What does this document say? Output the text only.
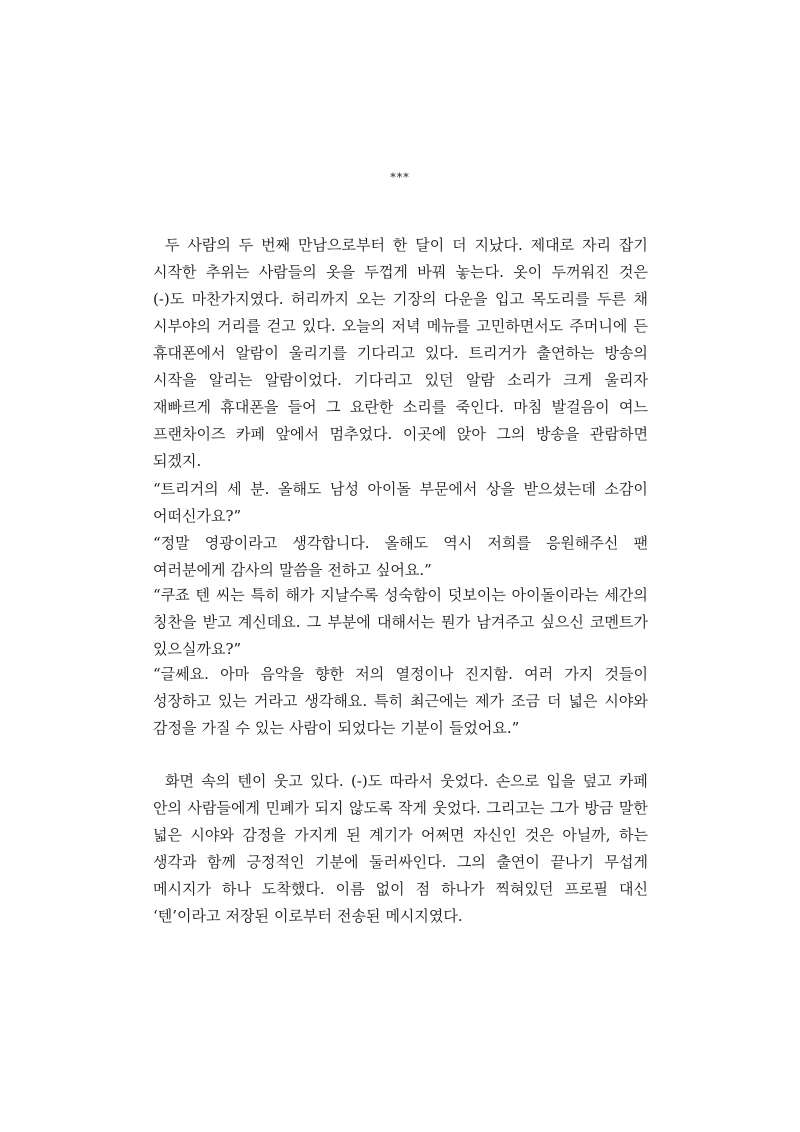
***
두 사람의 두 번째 만남으로부터 한 달이 더 지났다. 제대로 자리 잡기
시작한 추위는 사람들의 옷을 두껍게 바꿔 놓는다. 옷이 두꺼워진 것은
(-)도 마찬가지였다. 허리까지 오는 기장의 다운을 입고 목도리를 두른 채
시부야의 거리를 걷고 있다. 오늘의 저녁 메뉴를 고민하면서도 주머니에 든
휴대폰에서 알람이 울리기를 기다리고 있다. 트리거가 출연하는 방송의
시작을 알리는 알람이었다. 기다리고 있던 알람 소리가 크게 울리자
재빠르게 휴대폰을 들어 그 요란한 소리를 죽인다. 마침 발걸음이 여느
프랜차이즈 카페 앞에서 멈추었다. 이곳에 앉아 그의 방송을 관람하면
되겠지.
“트리거의 세 분. 올해도 남성 아이돌 부문에서 상을 받으셨는데 소감이
어떠신가요?”
“정말 영광이라고 생각합니다. 올해도 역시 저희를 응원해주신 팬
여러분에게 감사의 말씀을 전하고 싶어요.”
“쿠죠 텐 씨는 특히 해가 지날수록 성숙함이 덧보이는 아이돌이라는 세간의
칭찬을 받고 계신데요. 그 부분에 대해서는 뭔가 남겨주고 싶으신 코멘트가
있으실까요?”
“글쎄요. 아마 음악을 향한 저의 열정이나 진지함. 여러 가지 것들이
성장하고 있는 거라고 생각해요. 특히 최근에는 제가 조금 더 넓은 시야와
감정을 가질 수 있는 사람이 되었다는 기분이 들었어요.”
화면 속의 텐이 웃고 있다. (-)도 따라서 웃었다. 손으로 입을 덮고 카페
안의 사람들에게 민폐가 되지 않도록 작게 웃었다. 그리고는 그가 방금 말한
넓은 시야와 감정을 가지게 된 계기가 어쩌면 자신인 것은 아닐까, 하는
생각과 함께 긍정적인 기분에 둘러싸인다. 그의 출연이 끝나기 무섭게
메시지가 하나 도착했다. 이름 없이 점 하나가 찍혀있던 프로필 대신
‘텐’이라고 저장된 이로부터 전송된 메시지였다.
